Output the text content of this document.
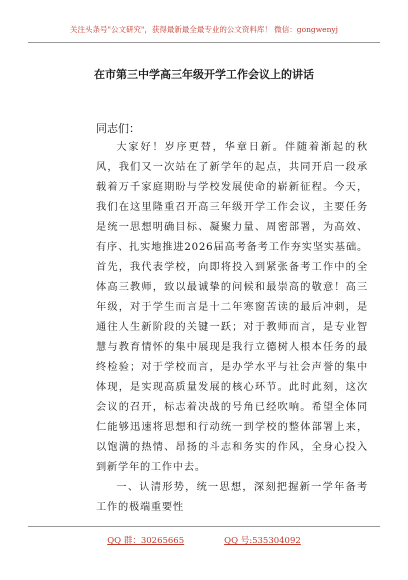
关注头条号"公文研究"，获得最新最全最专业的公文资料库！ 微信：gongwenyj
在市第三中学高三年级开学工作会议上的讲话
同志们：

大家好！岁序更替，华章日新。伴随着渐起的秋风，我们又一次站在了新学年的起点，共同开启一段承载着万千家庭期盼与学校发展使命的崭新征程。今天，我们在这里隆重召开高三年级开学工作会议，主要任务是统一思想明确目标、凝聚力量、周密部署，为高效、有序、扎实地推进2026届高考备考工作夯实坚实基础。首先，我代表学校，向即将投入到紧张备考工作中的全体高三教师，致以最诚挚的问候和最崇高的敬意！高三年级，对于学生而言是十二年寒窗苦读的最后冲刺，是通往人生新阶段的关键一跃；对于教师而言，是专业智慧与教育情怀的集中展现是我行立德树人根本任务的最终检验；对于学校而言，是办学水平与社会声誉的集中体现，是实现高质量发展的核心环节。此时此刻，这次会议的召开，标志着决战的号角已经吹响。希望全体同仁能够迅速将思想和行动统一到学校的整体部署上来，以饱满的热情、昂扬的斗志和务实的作风，全身心投入到新学年的工作中去。

一、认清形势，统一思想，深刻把握新一学年备考工作的极端重要性

QQ 群：30265665	QQ 号:535304092
